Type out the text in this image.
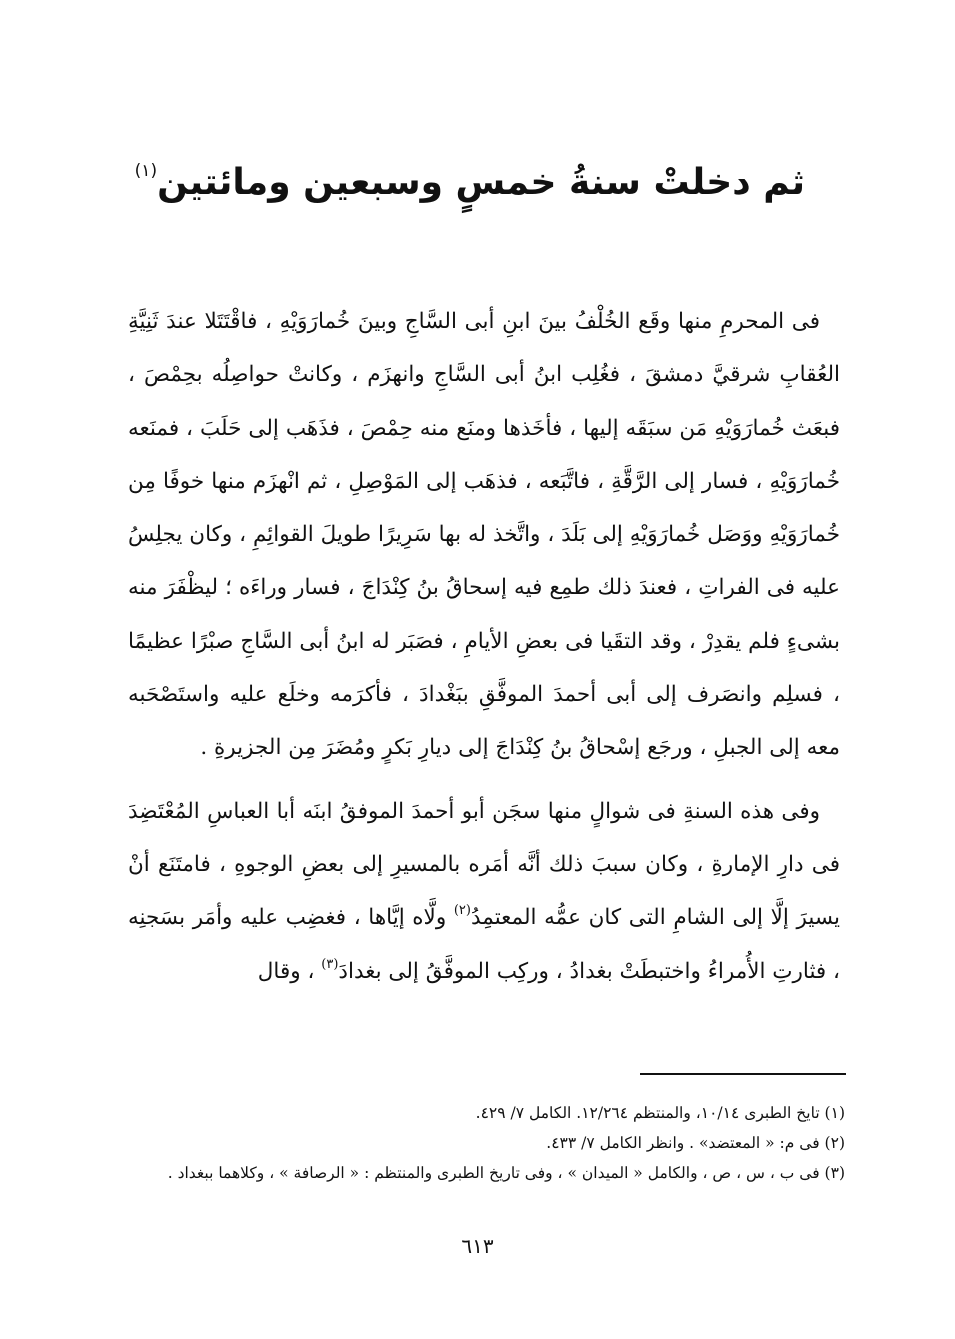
ثم دخلتْ سنةُ خمسٍ وسبعين ومائتين$^{(١)}$

فى المحرمِ منها وقَع الخُلْفُ بينَ ابنِ أبى السَّاجِ وبينَ خُمارَوَيْهِ ، فاقْتَتَلا عندَ ثَنِيَّةِ العُقابِ شرقيَّ دمشقَ ، فغُلِب ابنُ أبى السَّاجِ وانهزَم ، وكانتْ حواصِلُه بحِمْصَ ، فبعَث خُمارَوَيْهِ مَن سبَقَه إليها ، فأخَذها ومنَع منه حِمْصَ ، فذَهَب إلى حَلَبَ ، فمنَعه خُمارَوَيْهِ ، فسار إلى الرَّقَّةِ ، فاتَّبَعه ، فذهَب إلى المَوْصِلِ ، ثم انْهزَم منها خوفًا مِن خُمارَوَيْهِ ووَصَل خُمارَوَيْهِ إلى بَلَدَ ، واتَّخذ له بها سَرِيرًا طويلَ القوائِمِ ، وكان يجلِسُ عليه فى الفراتِ ، فعندَ ذلك طمِع فيه إسحاقُ بنُ كِنْدَاجَ ، فسار وراءَه ؛ ليظْفَرَ منه بشىءٍ فلم يقدِرْ ، وقد التقَيا فى بعضِ الأيامِ ، فصَبَر له ابنُ أبى السَّاجِ صبْرًا عظيمًا ، فسلِم وانصَرف إلى أبى أحمدَ الموفَّقِ ببَغْدادَ ، فأكرَمه وخلَع عليه واستَصْحَبه معه إلى الجبلِ ، ورجَع إسْحاقُ بنُ كِنْدَاجَ إلى ديارِ بَكرٍ ومُضَرَ مِن الجزيرةِ .

وفى هذه السنةِ فى شوالٍ منها سجَن أبو أحمدَ الموفقُ ابنَه أبا العباسِ المُعْتَضِدَ فى دارِ الإمارةِ ، وكان سببَ ذلك أنَّه أمَره بالمسيرِ إلى بعضِ الوجوهِ ، فامتَنَع أنْ يسيرَ إلَّا إلى الشامِ التى كان عمُّه المعتمِدُ$^{(٢)}$ ولَّاه إيَّاها ، فغضِب عليه وأمَر بسَجنِه ، فثارتِ الأُمراءُ واختبطَتْ بغدادُ ، وركِب الموفَّقُ إلى بغدادَ$^{(٣)}$ ، وقال

(١) تايخ الطبرى ١٠/١٤، والمنتظم ١٢/٢٦٤. الكامل ٧/ ٤٢٩.
(٢) فى م: « المعتضد» . وانظر الكامل ٧/ ٤٣٣.
(٣) فى ب ، س ، ص ، والكامل « الميدان » ، وفى تاريخ الطبرى والمنتظم : « الرصافة » ، وكلاهما ببغداد .
٦١٣
